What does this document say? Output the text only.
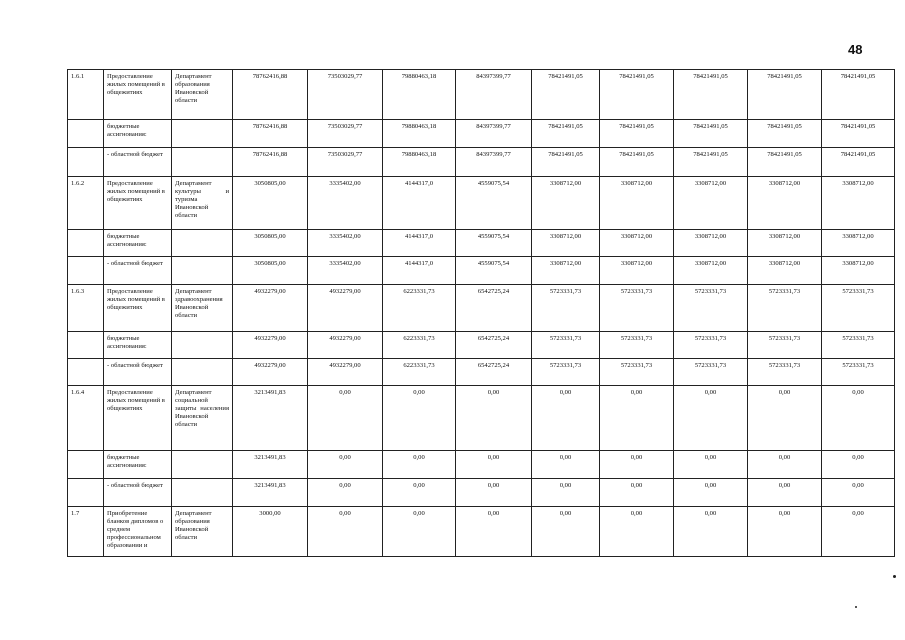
48
1.6.1	Предоставление жилых помещений в общежитиях	Департамент образования Ивановской области	78762416,88	73503029,77	79880463,18	84397399,77	78421491,05	78421491,05	78421491,05	78421491,05	78421491,05
	бюджетные ассигнования:		78762416,88	73503029,77	79880463,18	84397399,77	78421491,05	78421491,05	78421491,05	78421491,05	78421491,05
	- областной бюджет		78762416,88	73503029,77	79880463,18	84397399,77	78421491,05	78421491,05	78421491,05	78421491,05	78421491,05
1.6.2	Предоставление жилых помещений в общежитиях	Департамент культуры и туризма Ивановской области	3050805,00	3335402,00	4144317,0	4559075,54	3308712,00	3308712,00	3308712,00	3308712,00	3308712,00
	бюджетные ассигнования:		3050805,00	3335402,00	4144317,0	4559075,54	3308712,00	3308712,00	3308712,00	3308712,00	3308712,00
	- областной бюджет		3050805,00	3335402,00	4144317,0	4559075,54	3308712,00	3308712,00	3308712,00	3308712,00	3308712,00
1.6.3	Предоставление жилых помещений в общежитиях	Департамент здравоохранения Ивановской области	4932279,00	4932279,00	6223331,73	6542725,24	5723331,73	5723331,73	5723331,73	5723331,73	5723331,73
	бюджетные ассигнования:		4932279,00	4932279,00	6223331,73	6542725,24	5723331,73	5723331,73	5723331,73	5723331,73	5723331,73
	- областной бюджет		4932279,00	4932279,00	6223331,73	6542725,24	5723331,73	5723331,73	5723331,73	5723331,73	5723331,73
1.6.4	Предоставление жилых помещений в общежитиях	Департамент социальной защиты населения Ивановской области	3213491,83	0,00	0,00	0,00	0,00	0,00	0,00	0,00	0,00
	бюджетные ассигнования:		3213491,83	0,00	0,00	0,00	0,00	0,00	0,00	0,00	0,00
	- областной бюджет		3213491,83	0,00	0,00	0,00	0,00	0,00	0,00	0,00	0,00
1.7	Приобретение бланков дипломов о среднем профессиональном образовании и	Департамент образования Ивановской области	3000,00	0,00	0,00	0,00	0,00	0,00	0,00	0,00	0,00
